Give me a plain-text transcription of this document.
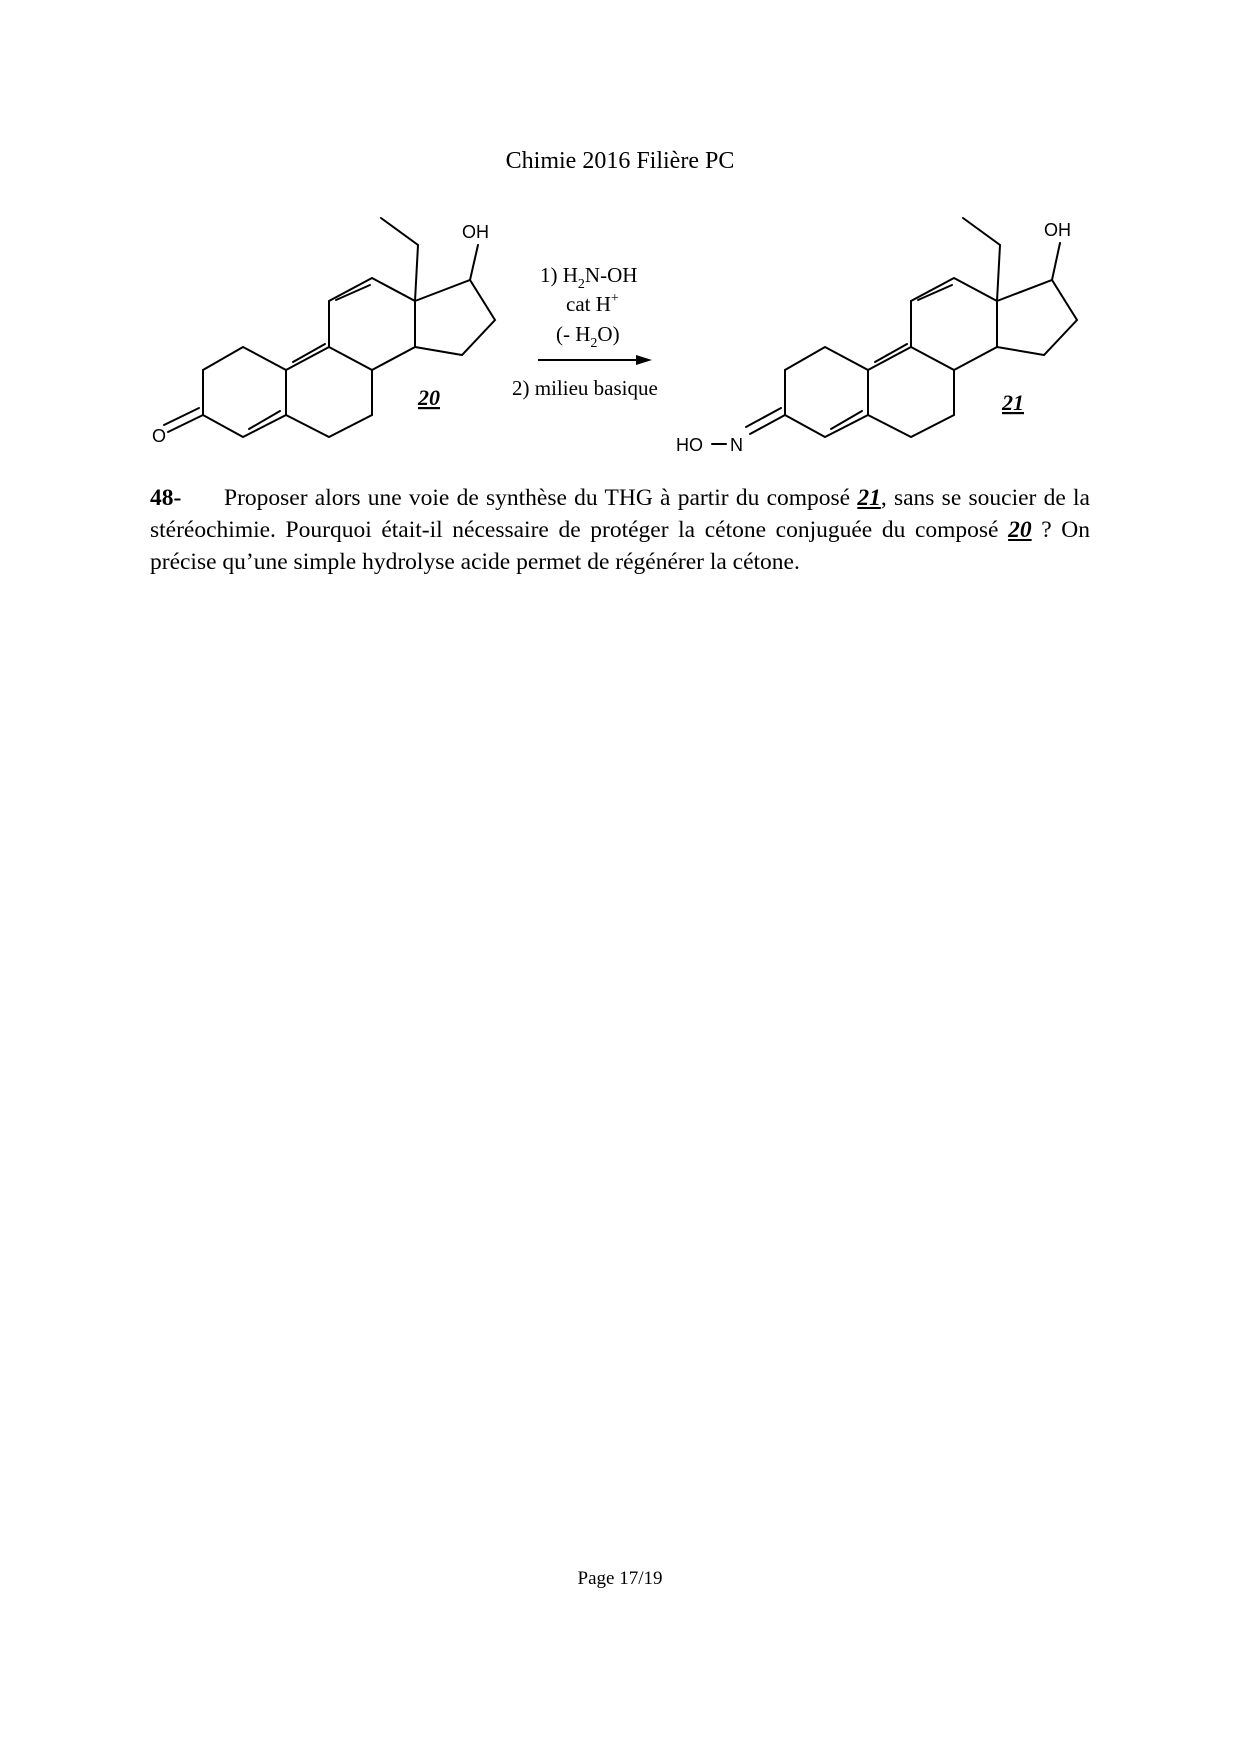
Chimie 2016 Filière PC
OH
O
OH
HO N
20	21
1) $H_2N-OH$
cat H+
(- $H_2O$)
2) milieu basique
48- Proposer alors une voie de synthèse du THG à partir du composé 21, sans se soucier de la stéréochimie. Pourquoi était-il nécessaire de protéger la cétone conjuguée du composé 20 ? On précise qu’une simple hydrolyse acide permet de régénérer la cétone.
Page 17/19
